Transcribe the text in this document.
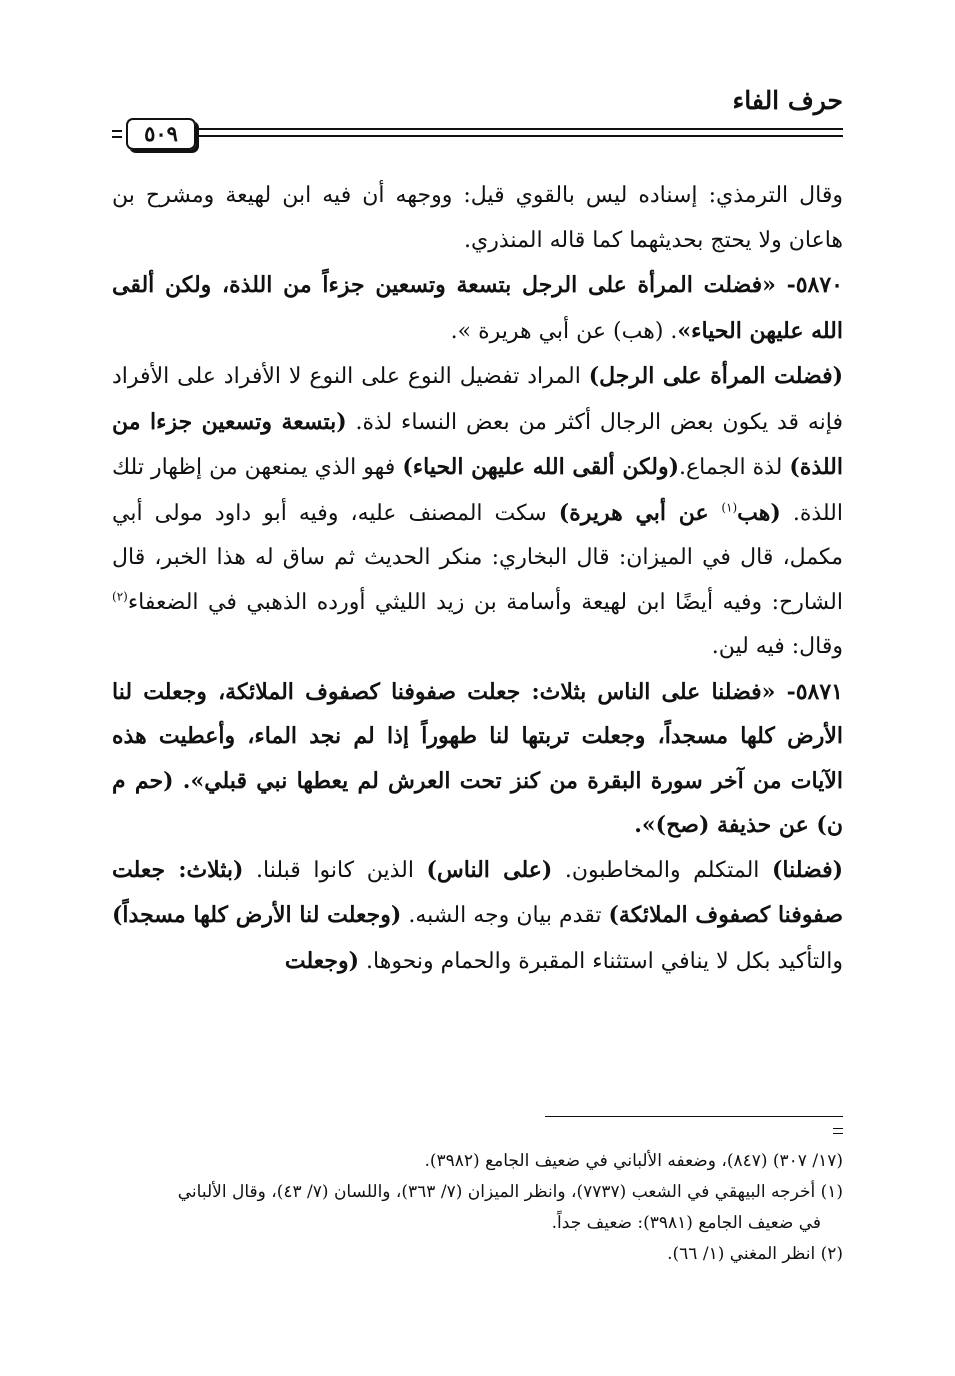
حرف الفاء
٥٠٩

وقال الترمذي: إسناده ليس بالقوي قيل: ووجهه أن فيه ابن لهيعة ومشرح بن هاعان ولا يحتج بحديثهما كما قاله المنذري.

٥٨٧٠- «فضلت المرأة على الرجل بتسعة وتسعين جزءاً من اللذة، ولكن ألقى الله عليهن الحياء». (هب) عن أبي هريرة ».

(فضلت المرأة على الرجل) المراد تفضيل النوع على النوع لا الأفراد على الأفراد فإنه قد يكون بعض الرجال أكثر من بعض النساء لذة. (بتسعة وتسعين جزءا من اللذة) لذة الجماع.(ولكن ألقى الله عليهن الحياء) فهو الذي يمنعهن من إظهار تلك اللذة. (هب$^{(١)}$ عن أبي هريرة) سكت المصنف عليه، وفيه أبو داود مولى أبي مكمل، قال في الميزان: قال البخاري: منكر الحديث ثم ساق له هذا الخبر، قال الشارح: وفيه أيضًا ابن لهيعة وأسامة بن زيد الليثي أورده الذهبي في الضعفاء$^{(٢)}$ وقال: فيه لين.

٥٨٧١- «فضلنا على الناس بثلاث: جعلت صفوفنا كصفوف الملائكة، وجعلت لنا الأرض كلها مسجداً، وجعلت تربتها لنا طهوراً إذا لم نجد الماء، وأعطيت هذه الآيات من آخر سورة البقرة من كنز تحت العرش لم يعطها نبي قبلي». (حم م ن) عن حذيفة (صح)».

(فضلنا) المتكلم والمخاطبون. (على الناس) الذين كانوا قبلنا. (بثلاث: جعلت صفوفنا كصفوف الملائكة) تقدم بيان وجه الشبه. (وجعلت لنا الأرض كلها مسجداً) والتأكيد بكل لا ينافي استثناء المقبرة والحمام ونحوها. (وجعلت

(١٧/ ٣٠٧) (٨٤٧)، وضعفه الألباني في ضعيف الجامع (٣٩٨٢).

(١) أخرجه البيهقي في الشعب (٧٧٣٧)، وانظر الميزان (٧/ ٣٦٣)، واللسان (٧/ ٤٣)، وقال الألباني

في ضعيف الجامع (٣٩٨١): ضعيف جداً.

(٢) انظر المغني (١/ ٦٦).
